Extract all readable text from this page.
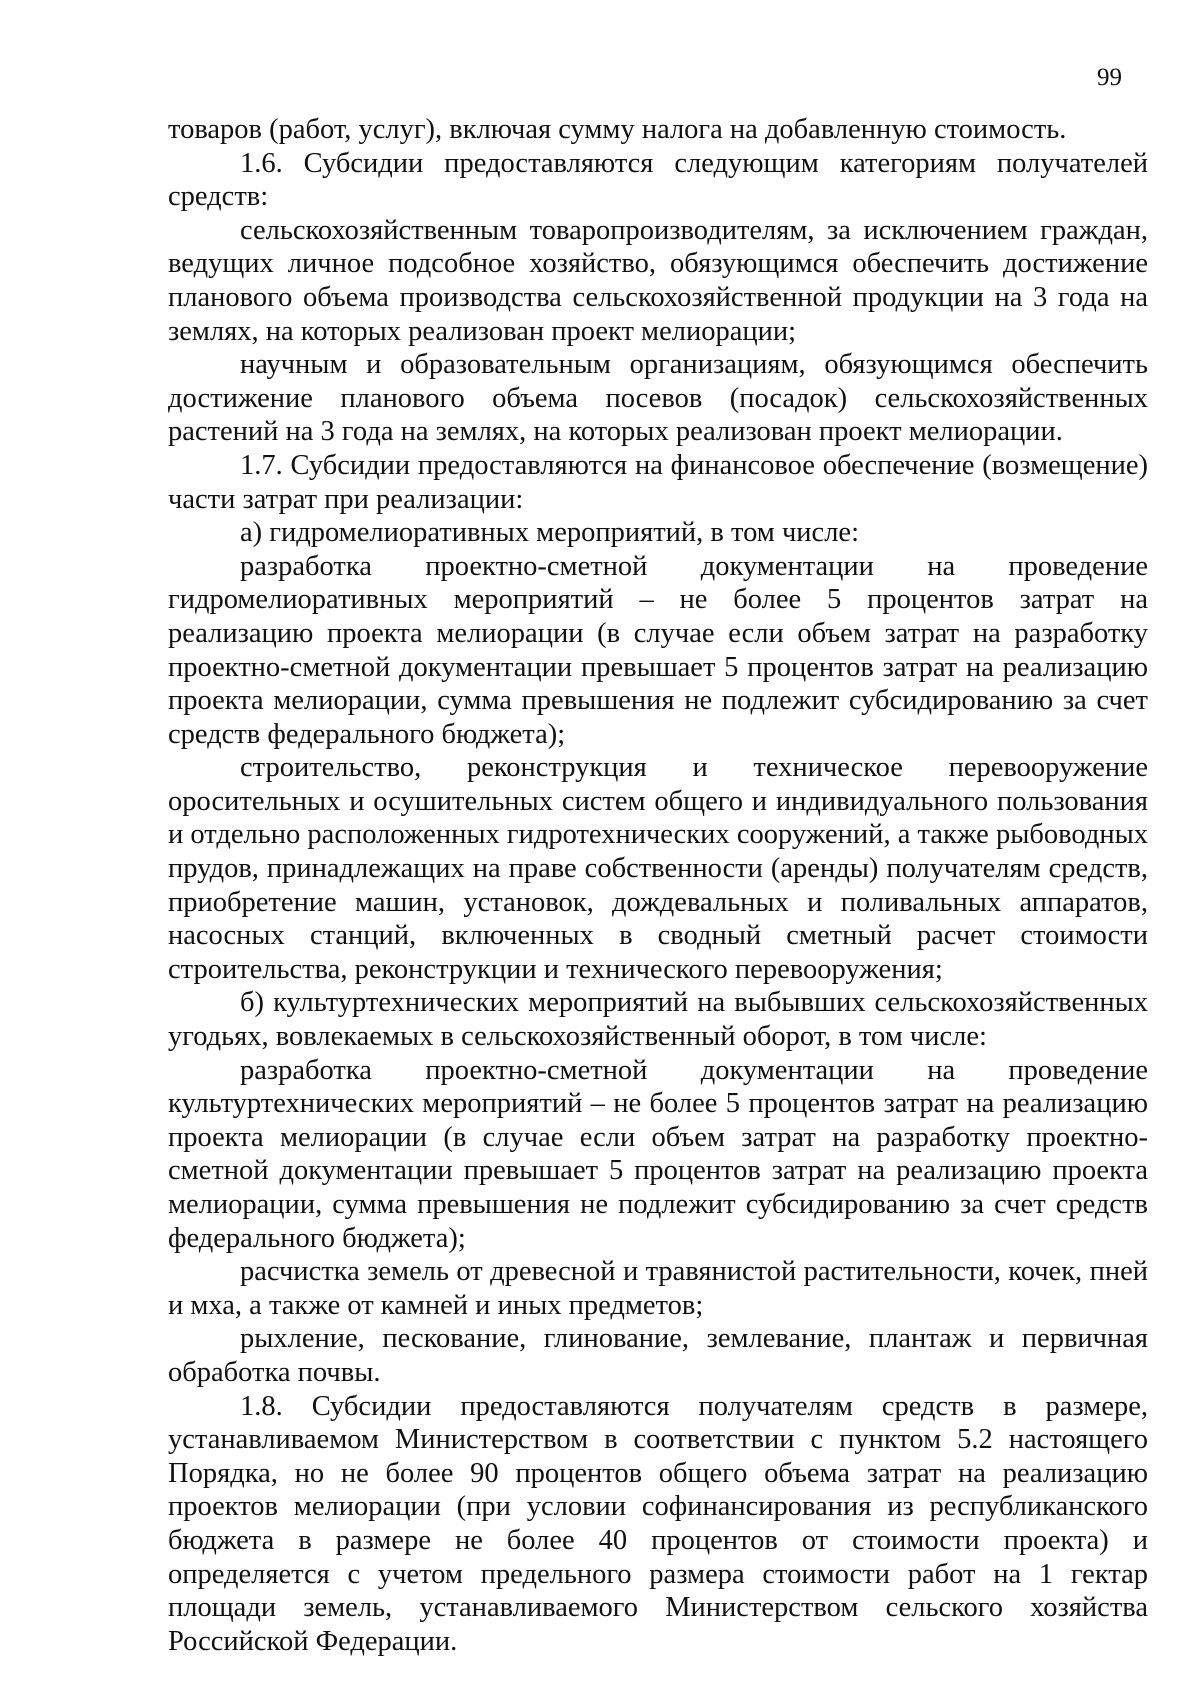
99

товаров (работ, услуг), включая сумму налога на добавленную стоимость.

1.6. Субсидии предоставляются следующим категориям получателей средств:

сельскохозяйственным товаропроизводителям, за исключением граждан, ведущих личное подсобное хозяйство, обязующимся обеспечить достижение планового объема производства сельскохозяйственной продукции на 3 года на землях, на которых реализован проект мелиорации;

научным и образовательным организациям, обязующимся обеспечить достижение планового объема посевов (посадок) сельскохозяйственных растений на 3 года на землях, на которых реализован проект мелиорации.

1.7. Субсидии предоставляются на финансовое обеспечение (возмещение) части затрат при реализации:

а) гидромелиоративных мероприятий, в том числе:

разработка проектно-сметной документации на проведение гидромелиоративных мероприятий – не более 5 процентов затрат на реализацию проекта мелиорации (в случае если объем затрат на разработку проектно-сметной документации превышает 5 процентов затрат на реализацию проекта мелиорации, сумма превышения не подлежит субсидированию за счет средств федерального бюджета);

строительство, реконструкция и техническое перевооружение оросительных и осушительных систем общего и индивидуального пользования и отдельно расположенных гидротехнических сооружений, а также рыбоводных прудов, принадлежащих на праве собственности (аренды) получателям средств, приобретение машин, установок, дождевальных и поливальных аппаратов, насосных станций, включенных в сводный сметный расчет стоимости строительства, реконструкции и технического перевооружения;

б) культуртехнических мероприятий на выбывших сельскохозяйственных угодьях, вовлекаемых в сельскохозяйственный оборот, в том числе:

разработка проектно-сметной документации на проведение культуртехнических мероприятий – не более 5 процентов затрат на реализацию проекта мелиорации (в случае если объем затрат на разработку проектно-сметной документации превышает 5 процентов затрат на реализацию проекта мелиорации, сумма превышения не подлежит субсидированию за счет средств федерального бюджета);

расчистка земель от древесной и травянистой растительности, кочек, пней и мха, а также от камней и иных предметов;

рыхление, пескование, глинование, землевание, плантаж и первичная обработка почвы.

1.8. Субсидии предоставляются получателям средств в размере, устанавливаемом Министерством в соответствии с пунктом 5.2 настоящего Порядка, но не более 90 процентов общего объема затрат на реализацию проектов мелиорации (при условии софинансирования из республиканского бюджета в размере не более 40 процентов от стоимости проекта) и определяется с учетом предельного размера стоимости работ на 1 гектар площади земель, устанавливаемого Министерством сельского хозяйства Российской Федерации.
